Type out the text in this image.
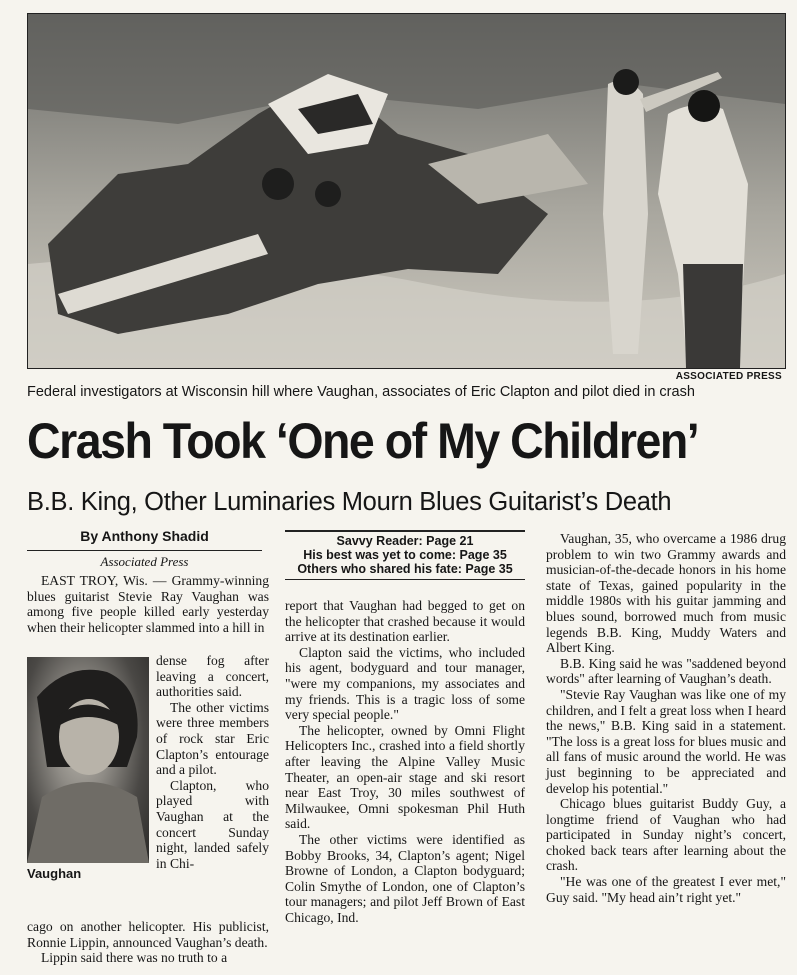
ASSOCIATED PRESS
Federal investigators at Wisconsin hill where Vaughan, associates of Eric Clapton and pilot died in crash
Crash Took ‘One of My Children’
B.B. King, Other Luminaries Mourn Blues Guitarist’s Death
By Anthony Shadid
Associated Press

EAST TROY, Wis. — Grammy-winning blues guitarist Stevie Ray Vaughan was among five people killed early yesterday when their helicopter slammed into a hill in

Vaughan

dense fog after leaving a concert, authorities said.

The other victims were three members of rock star Eric Clapton’s entourage and a pilot.

Clapton, who played with Vaughan at the concert Sunday night, landed safely in Chi-

cago on another helicopter. His publicist, Ronnie Lippin, announced Vaughan’s death.

Lippin said there was no truth to a

Savvy Reader: Page 21
His best was yet to come: Page 35
Others who shared his fate: Page 35

report that Vaughan had begged to get on the helicopter that crashed because it would arrive at its destination earlier.

Clapton said the victims, who included his agent, bodyguard and tour manager, "were my companions, my associates and my friends. This is a tragic loss of some very special people."

The helicopter, owned by Omni Flight Helicopters Inc., crashed into a field shortly after leaving the Alpine Valley Music Theater, an open-air stage and ski resort near East Troy, 30 miles southwest of Milwaukee, Omni spokesman Phil Huth said.

The other victims were identified as Bobby Brooks, 34, Clapton’s agent; Nigel Browne of London, a Clapton bodyguard; Colin Smythe of London, one of Clapton’s tour managers; and pilot Jeff Brown of East Chicago, Ind.

Vaughan, 35, who overcame a 1986 drug problem to win two Grammy awards and musician-of-the-decade honors in his home state of Texas, gained popularity in the middle 1980s with his guitar jamming and blues sound, borrowed much from music legends B.B. King, Muddy Waters and Albert King.

B.B. King said he was "saddened beyond words" after learning of Vaughan’s death.

"Stevie Ray Vaughan was like one of my children, and I felt a great loss when I heard the news," B.B. King said in a statement. "The loss is a great loss for blues music and all fans of music around the world. He was just beginning to be appreciated and develop his potential."

Chicago blues guitarist Buddy Guy, a longtime friend of Vaughan who had participated in Sunday night’s concert, choked back tears after learning about the crash.

"He was one of the greatest I ever met," Guy said. "My head ain’t right yet."
